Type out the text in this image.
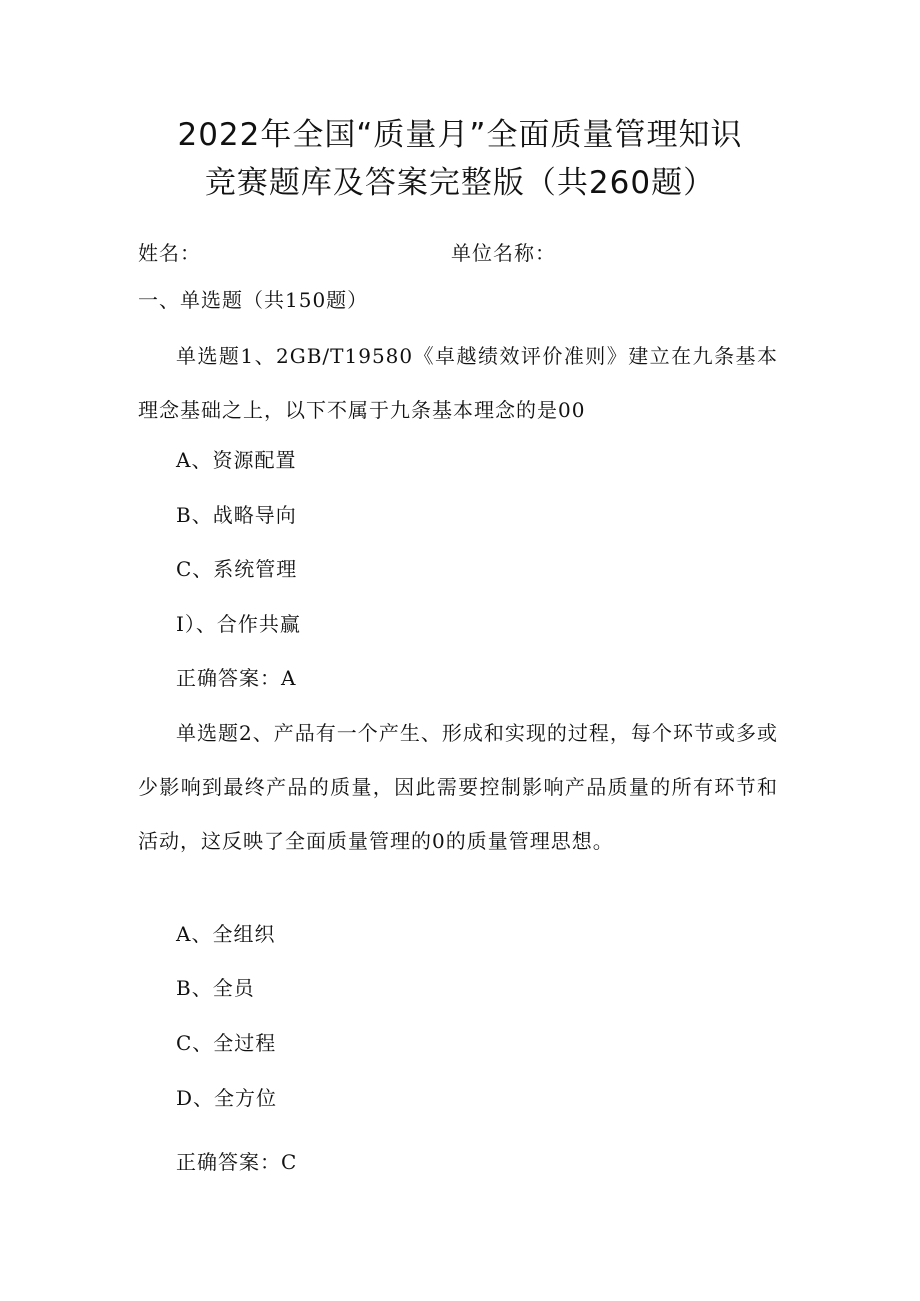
2022年全国“质量月”全面质量管理知识
竞赛题库及答案完整版（共260题）
姓名：	单位名称：
一、单选题（共150题）
单选题1、2GB/T19580《卓越绩效评价准则》建立在九条基本理念基础之上，以下不属于九条基本理念的是00
A、资源配置
B、战略导向
C、系统管理
I）、合作共赢
正确答案：A
单选题2、产品有一个产生、形成和实现的过程，每个环节或多或少影响到最终产品的质量，因此需要控制影响产品质量的所有环节和活动，这反映了全面质量管理的0的质量管理思想。
A、全组织
B、全员
C、全过程
D、全方位
正确答案：C
